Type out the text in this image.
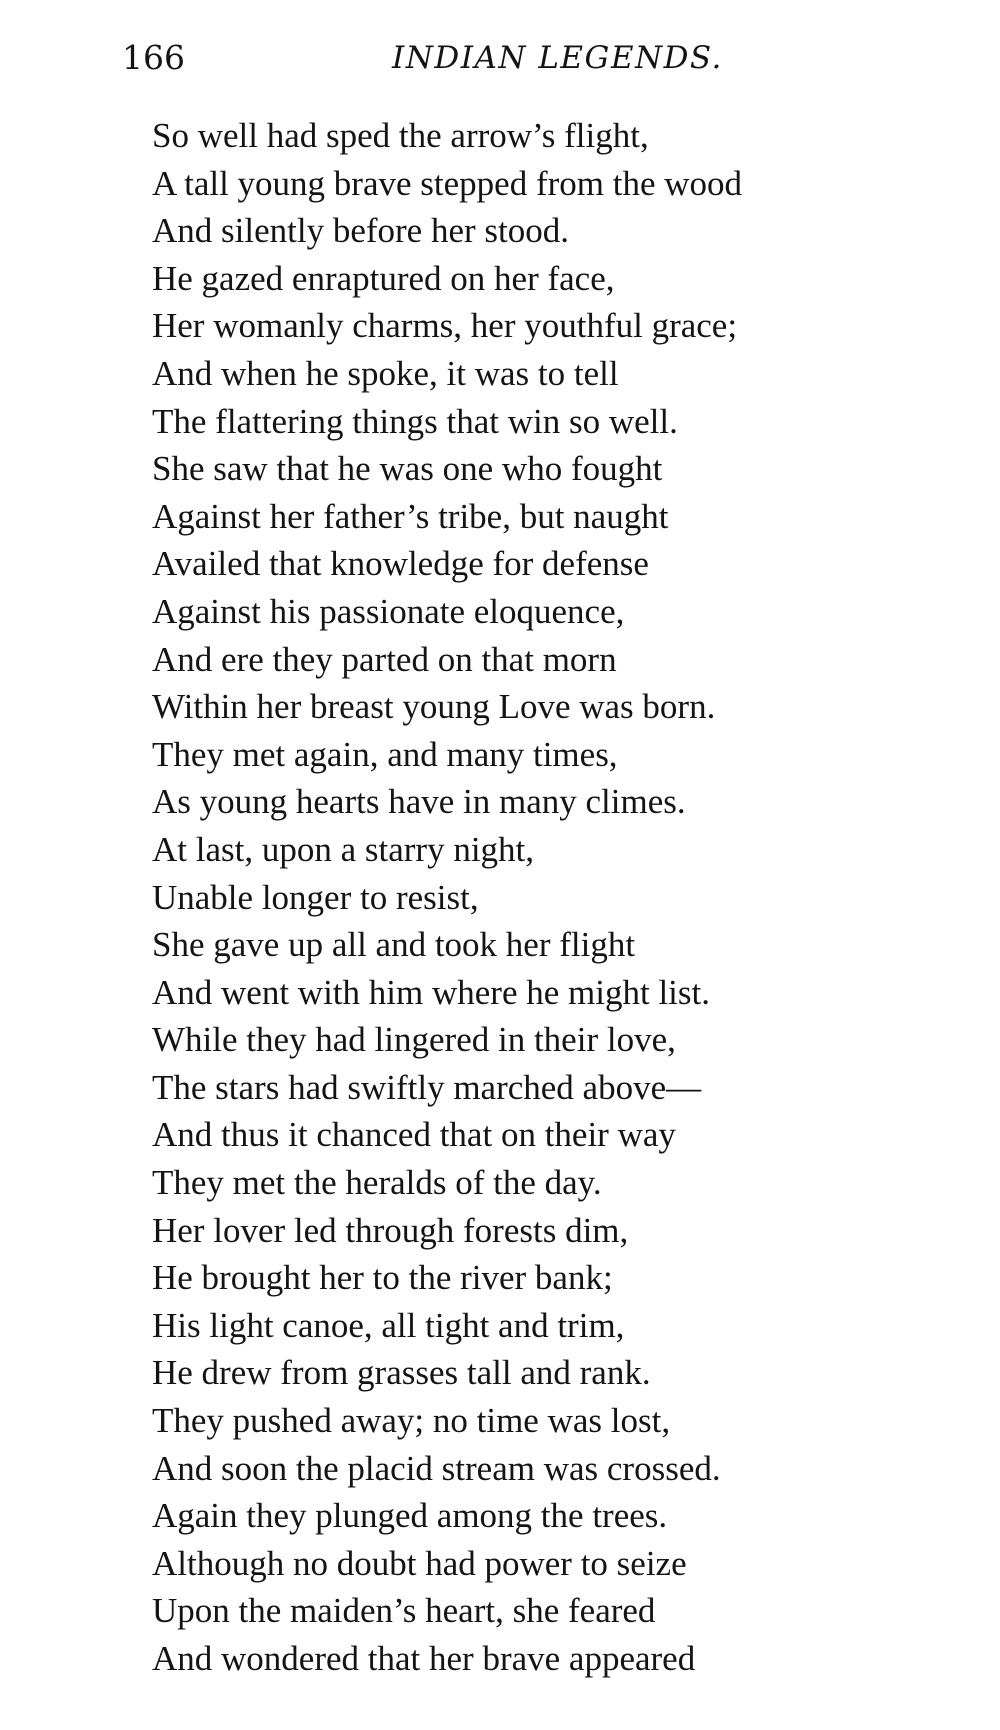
166	INDIAN LEGENDS.
So well had sped the arrow’s flight,
A tall young brave stepped from the wood
And silently before her stood.
He gazed enraptured on her face,
Her womanly charms, her youthful grace;
And when he spoke, it was to tell
The flattering things that win so well.
She saw that he was one who fought
Against her father’s tribe, but naught
Availed that knowledge for defense
Against his passionate eloquence,
And ere they parted on that morn
Within her breast young Love was born.
They met again, and many times,
As young hearts have in many climes.
At last, upon a starry night,
Unable longer to resist,
She gave up all and took her flight
And went with him where he might list.
While they had lingered in their love,
The stars had swiftly marched above—
And thus it chanced that on their way
They met the heralds of the day.
Her lover led through forests dim,
He brought her to the river bank;
His light canoe, all tight and trim,
He drew from grasses tall and rank.
They pushed away; no time was lost,
And soon the placid stream was crossed.
Again they plunged among the trees.
Although no doubt had power to seize
Upon the maiden’s heart, she feared
And wondered that her brave appeared
